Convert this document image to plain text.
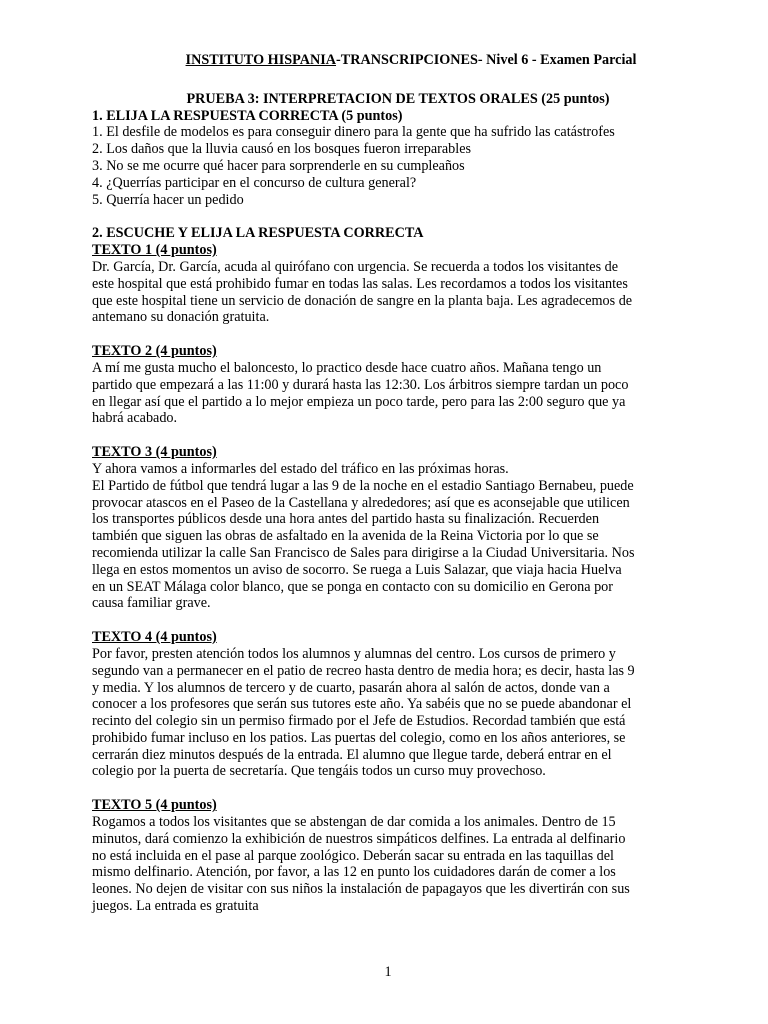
INSTITUTO HISPANIA-TRANSCRIPCIONES- Nivel 6 - Examen Parcial
PRUEBA 3: INTERPRETACION DE TEXTOS ORALES (25 puntos)
1. ELIJA LA RESPUESTA CORRECTA (5 puntos)
1. El desfile de modelos es para conseguir dinero para la gente que ha sufrido las catástrofes
2. Los daños que la lluvia causó en los bosques fueron irreparables
3. No se me ocurre qué hacer para sorprenderle en su cumpleaños
4. ¿Querrías participar en el concurso de cultura general?
5. Querría hacer un pedido
2. ESCUCHE Y ELIJA LA RESPUESTA CORRECTA
TEXTO 1 (4 puntos)
Dr. García, Dr. García, acuda al quirófano con urgencia. Se recuerda a todos los visitantes de
este hospital que está prohibido fumar en todas las salas. Les recordamos a todos los visitantes
que este hospital tiene un servicio de donación de sangre en la planta baja. Les agradecemos de
antemano su donación gratuita.
TEXTO 2 (4 puntos)
A mí me gusta mucho el baloncesto, lo practico desde hace cuatro años. Mañana tengo un
partido que empezará a las 11:00 y durará hasta las 12:30. Los árbitros siempre tardan un poco
en llegar así que el partido a lo mejor empieza un poco tarde, pero para las 2:00 seguro que ya
habrá acabado.
TEXTO 3 (4 puntos)
Y ahora vamos a informarles del estado del tráfico en las próximas horas.
El Partido de fútbol que tendrá lugar a las 9 de la noche en el estadio Santiago Bernabeu, puede
provocar atascos en el Paseo de la Castellana y alrededores; así que es aconsejable que utilicen
los transportes públicos desde una hora antes del partido hasta su finalización. Recuerden
también que siguen las obras de asfaltado en la avenida de la Reina Victoria por lo que se
recomienda utilizar la calle San Francisco de Sales para dirigirse a la Ciudad Universitaria. Nos
llega en estos momentos un aviso de socorro. Se ruega a Luis Salazar, que viaja hacia Huelva
en un SEAT Málaga color blanco, que se ponga en contacto con su domicilio en Gerona por
causa familiar grave.
TEXTO 4 (4 puntos)
Por favor, presten atención todos los alumnos y alumnas del centro. Los cursos de primero y
segundo van a permanecer en el patio de recreo hasta dentro de media hora; es decir, hasta las 9
y media. Y los alumnos de tercero y de cuarto, pasarán ahora al salón de actos, donde van a
conocer a los profesores que serán sus tutores este año. Ya sabéis que no se puede abandonar el
recinto del colegio sin un permiso firmado por el Jefe de Estudios. Recordad también que está
prohibido fumar incluso en los patios. Las puertas del colegio, como en los años anteriores, se
cerrarán diez minutos después de la entrada. El alumno que llegue tarde, deberá entrar en el
colegio por la puerta de secretaría. Que tengáis todos un curso muy provechoso.
TEXTO 5 (4 puntos)
Rogamos a todos los visitantes que se abstengan de dar comida a los animales. Dentro de 15
minutos, dará comienzo la exhibición de nuestros simpáticos delfines. La entrada al delfinario
no está incluida en el pase al parque zoológico. Deberán sacar su entrada en las taquillas del
mismo delfinario. Atención, por favor, a las 12 en punto los cuidadores darán de comer a los
leones. No dejen de visitar con sus niños la instalación de papagayos que les divertirán con sus
juegos. La entrada es gratuita
1
